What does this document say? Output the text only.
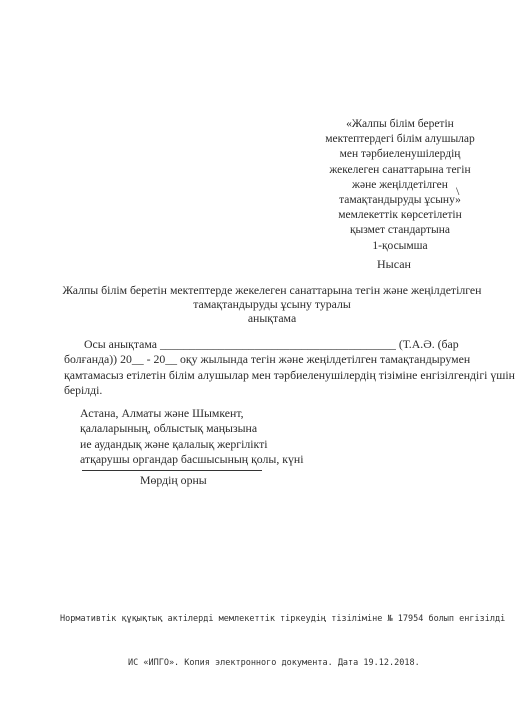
«Жалпы білім беретін
мектептердегі білім алушылар
мен тәрбиеленушілердің
жекелеген санаттарына тегін
және жеңілдетілген
тамақтандыруды ұсыну»
мемлекеттік көрсетілетін
қызмет стандартына
1-қосымша
\
Нысан
Жалпы білім беретін мектептерде жекелеген санаттарына тегін және жеңілдетілген
тамақтандыруды ұсыну туралы
анықтама
Осы анықтама ________________________________________ (Т.А.Ә. (бар
болғанда)) 20__ - 20__ оқу жылында тегін және жеңілдетілген тамақтандырумен
қамтамасыз етілетін білім алушылар мен тәрбиеленушілердің тізіміне енгізілгендігі үшін
берілді.
Астана, Алматы және Шымкент,
қалаларының, облыстық маңызына
ие аудандық және қалалық жергілікті
атқарушы органдар басшысының қолы, күні
Мөрдің орны
Нормативтік құқықтық актілерді мемлекеттік тіркеудің тізіліміне № 17954 болып енгізілді
ИС «ИПГО». Копия электронного документа. Дата 19.12.2018.
